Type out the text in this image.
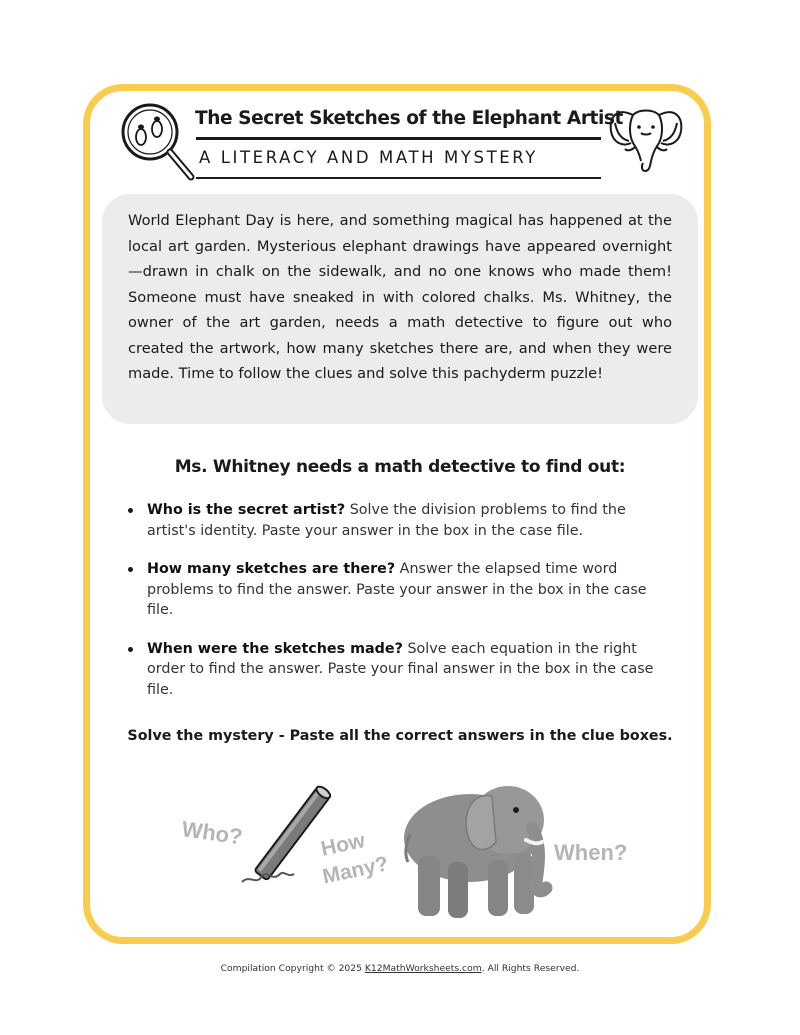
The Secret Sketches of the Elephant Artist
A LITERACY AND MATH MYSTERY
World Elephant Day is here, and something magical has happened at the local art garden. Mysterious elephant drawings have appeared overnight—drawn in chalk on the sidewalk, and no one knows who made them! Someone must have sneaked in with colored chalks. Ms. Whitney, the owner of the art garden, needs a math detective to figure out who created the artwork, how many sketches there are, and when they were made. Time to follow the clues and solve this pachyderm puzzle!
Ms. Whitney needs a math detective to find out:
Who is the secret artist? Solve the division problems to find the artist's identity. Paste your answer in the box in the case file.
How many sketches are there? Answer the elapsed time word problems to find the answer. Paste your answer in the box in the case file.
When were the sketches made? Solve each equation in the right order to find the answer. Paste your final answer in the box in the case file.
Solve the mystery - Paste all the correct answers in the clue boxes.
Who?	How
Many?	When?
Compilation Copyright © 2025 K12MathWorksheets.com. All Rights Reserved.
